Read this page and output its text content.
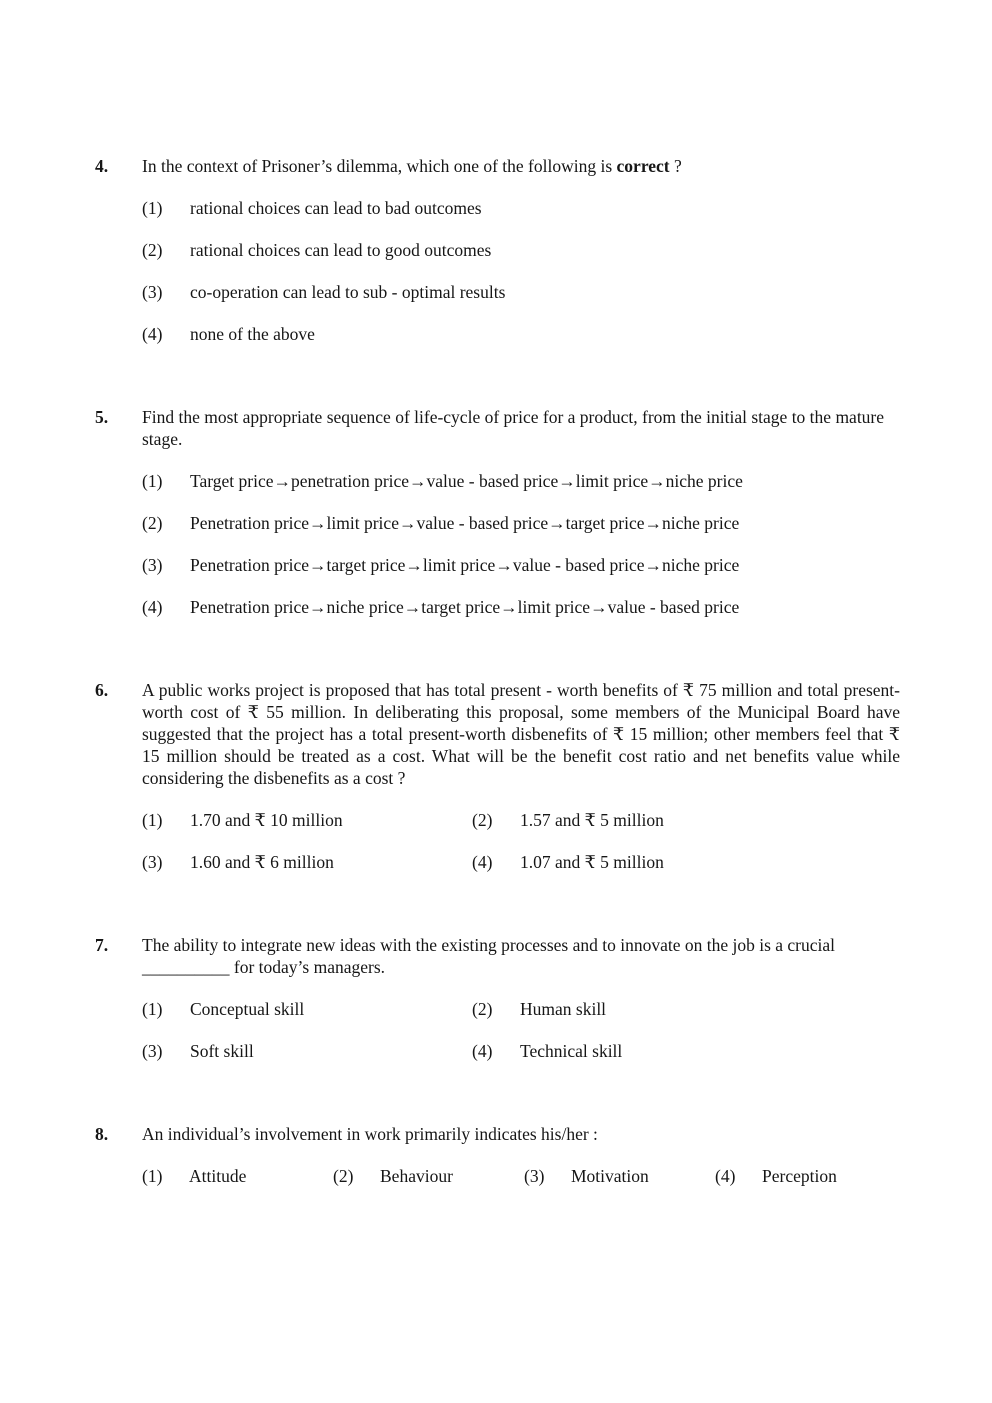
4.	In the context of Prisoner’s dilemma, which one of the following is correct ?

(1)	rational choices can lead to bad outcomes
(2)	rational choices can lead to good outcomes
(3)	co-operation can lead to sub - optimal results
(4)	none of the above
5.	Find the most appropriate sequence of life-cycle of price for a product, from the initial stage to the mature stage.

(1)	Target price→penetration price→value - based price→limit price→niche price
(2)	Penetration price→limit price→value - based price→target price→niche price
(3)	Penetration price→target price→limit price→value - based price→niche price
(4)	Penetration price→niche price→target price→limit price→value - based price
6.	A public works project is proposed that has total present - worth benefits of ₹ 75 million and total present-worth cost of ₹ 55 million. In deliberating this proposal, some members of the Municipal Board have suggested that the project has a total present-worth disbenefits of ₹ 15 million; other members feel that ₹ 15 million should be treated as a cost. What will be the benefit cost ratio and net benefits value while considering the disbenefits as a cost ?

(1)	1.70 and ₹ 10 million	(2)	1.57 and ₹ 5 million
(3)	1.60 and ₹ 6 million	(4)	1.07 and ₹ 5 million
7.	The ability to integrate new ideas with the existing processes and to innovate on the job is a crucial __________ for today’s managers.

(1)	Conceptual skill	(2)	Human skill
(3)	Soft skill	(4)	Technical skill
8.	An individual’s involvement in work primarily indicates his/her :

(1)	Attitude	(2)	Behaviour	(3)	Motivation	(4)	Perception
